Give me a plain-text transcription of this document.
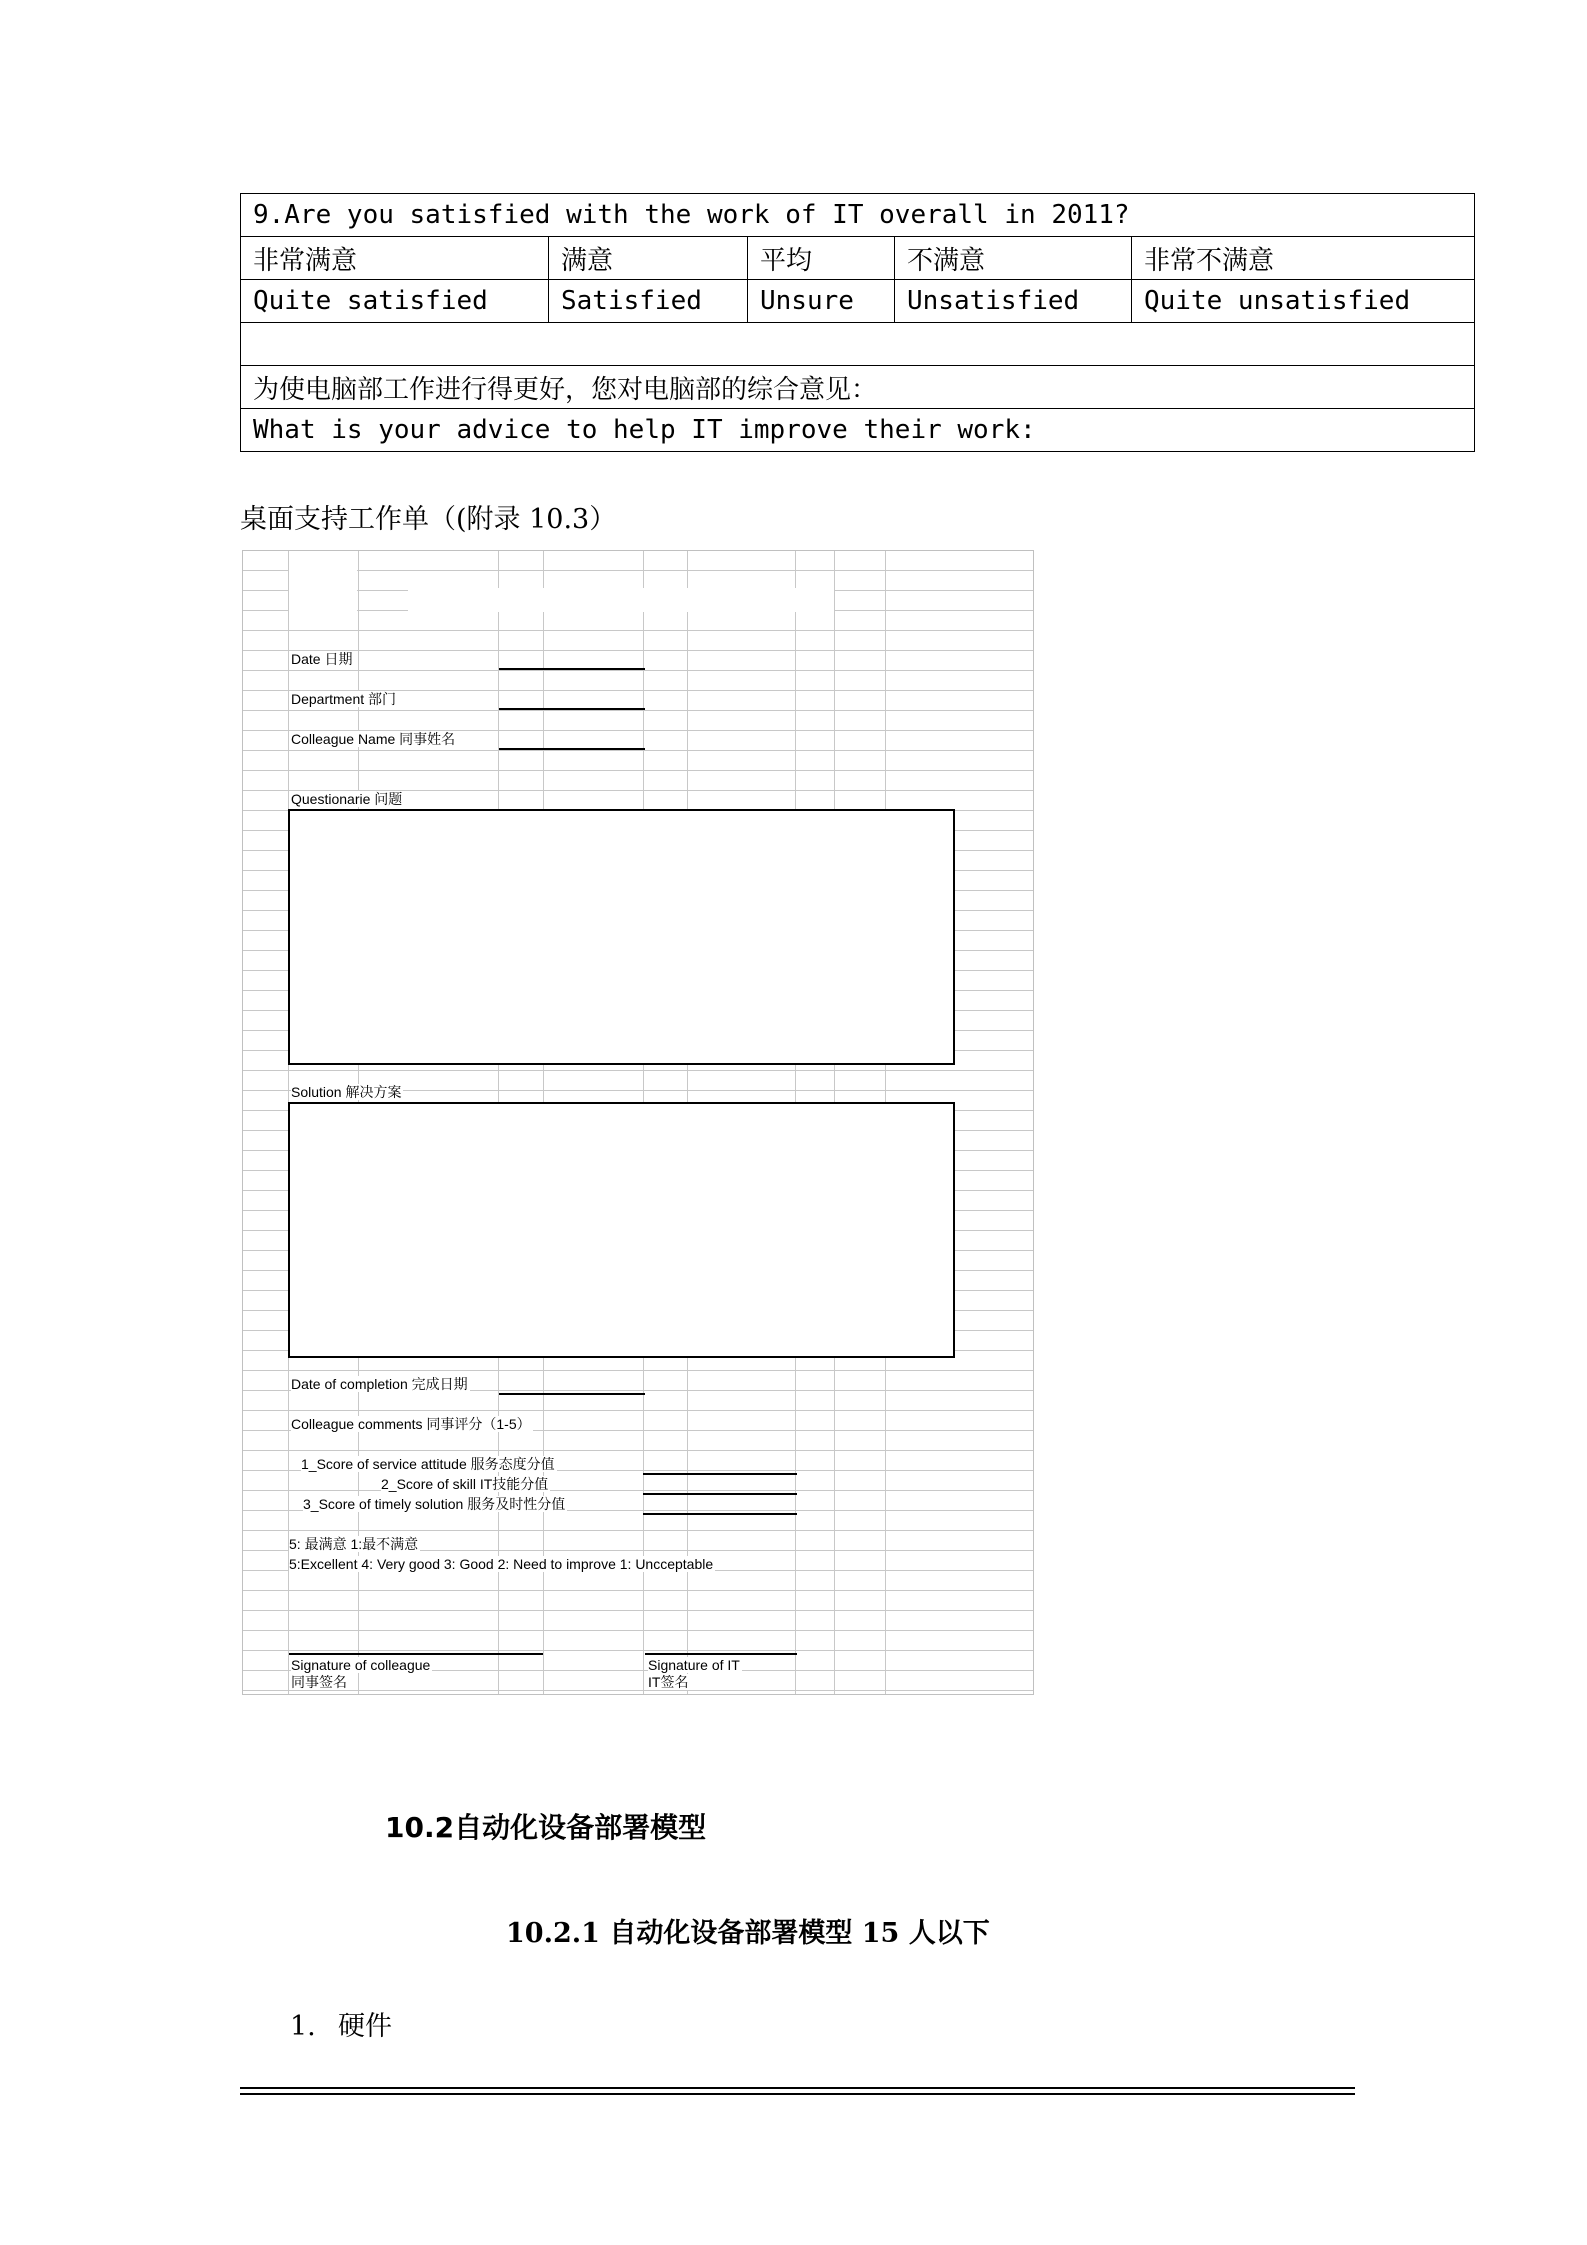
9.Are you satisfied with the work of IT overall in 2011?				
非常满意	满意	平均	不满意	非常不满意
Quite satisfied	Satisfied	Unsure	Unsatisfied	Quite unsatisfied

为使电脑部工作进行得更好，您对电脑部的综合意见：				
What is your advice to help IT improve their work:				
桌面支持工作单（(附录 10.3）
Date 日期
Department 部门
Colleague Name 同事姓名
Questionarie 问题
Solution 解决方案
Date of completion 完成日期
Colleague comments 同事评分（1-5）
1_Score of service attitude 服务态度分值
2_Score of skill IT技能分值
3_Score of timely solution 服务及时性分值
5: 最满意 1:最不满意
5:Excellent 4: Very good 3: Good 2: Need to improve 1: Uncceptable
Signature of colleague
同事签名
Signature of IT
IT签名
10.2自动化设备部署模型
10.2.1 自动化设备部署模型 15 人以下
1. 硬件
